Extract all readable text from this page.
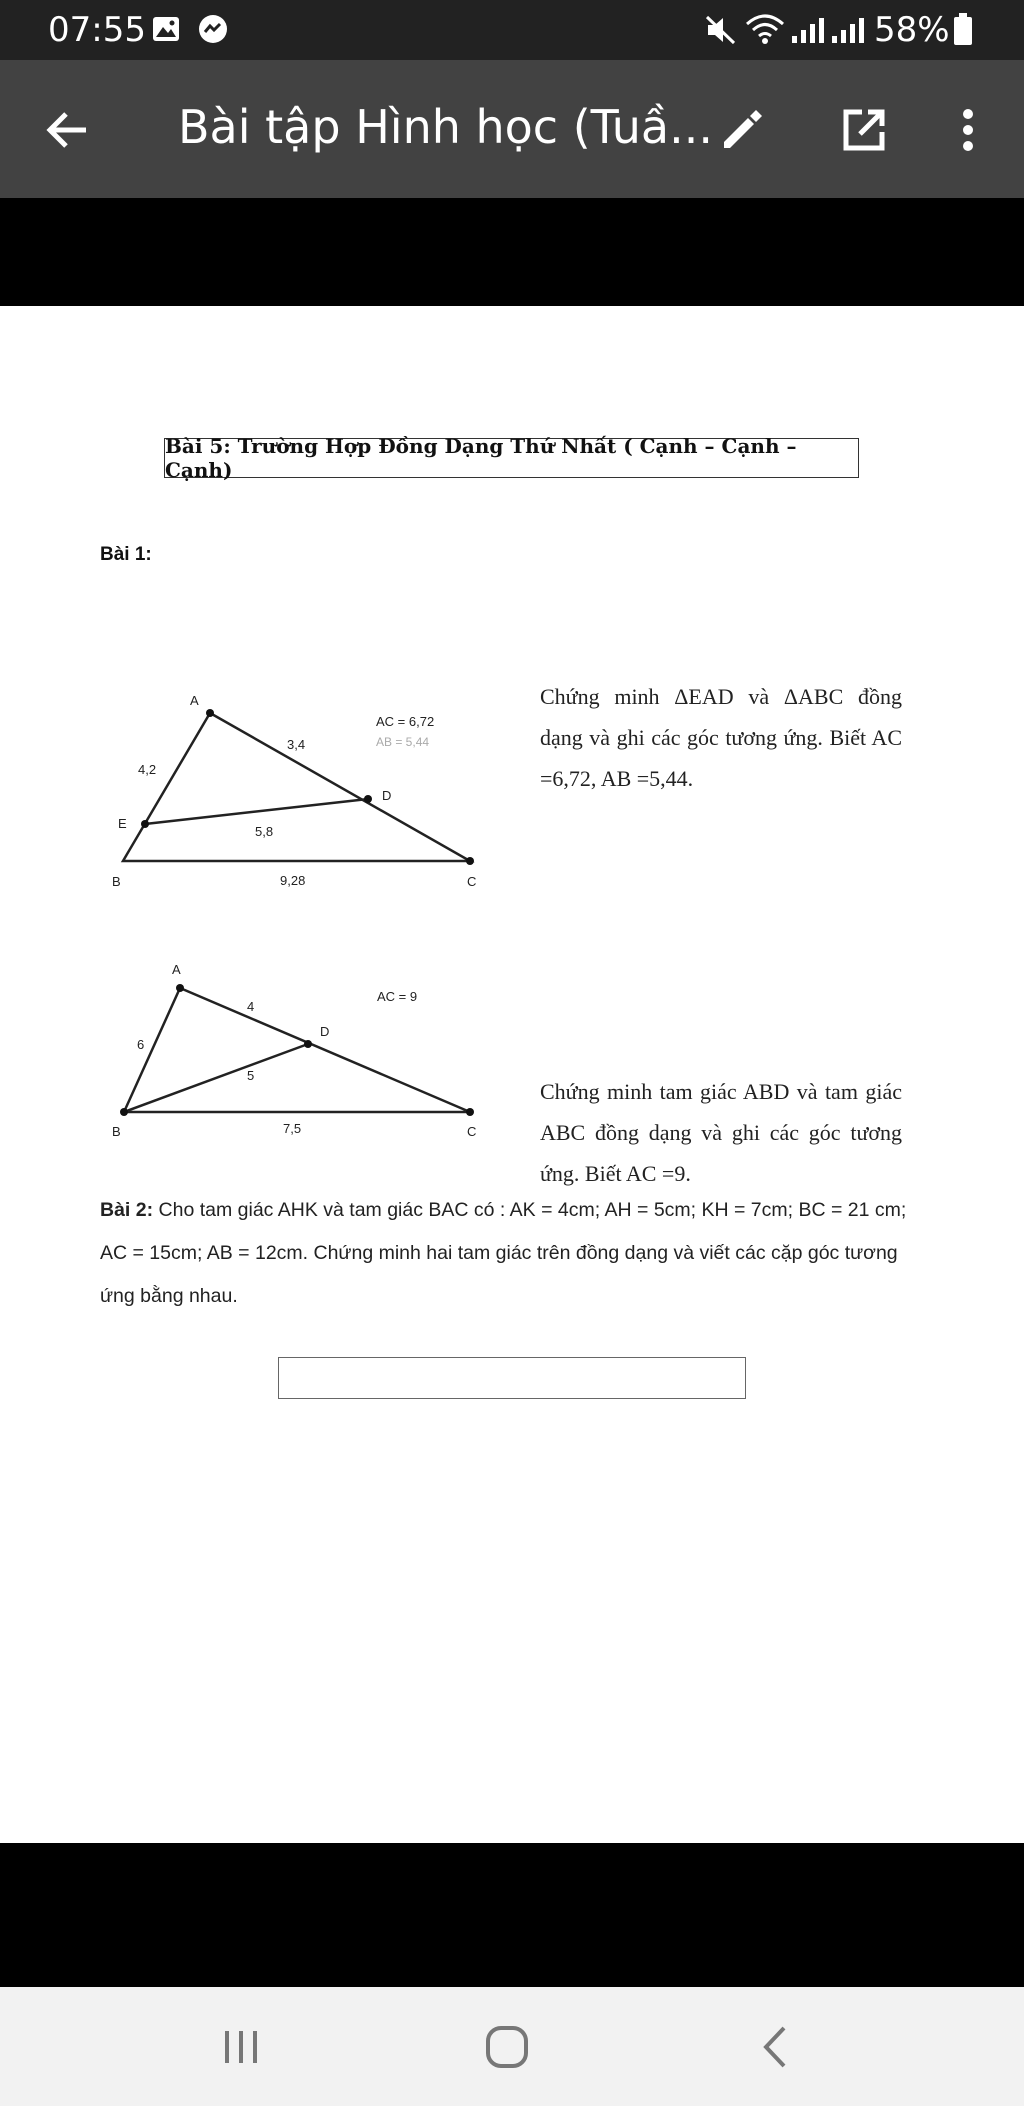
07:55	58%
Bài tập Hình học (Tuầ...
Bài 5: Trường Hợp Đồng Dạng Thứ Nhất ( Cạnh – Cạnh – Cạnh)
Bài 1:
A
E
B	C
D
4,2
3,4
5,8
9,28
AC = 6,72
AB = 5,44
Chứng minh ΔEAD và ΔABC đồng dạng và ghi các góc tương ứng. Biết AC =6,72, AB =5,44.
A
B	C
D
6
4
5
7,5
AC = 9
Chứng minh tam giác ABD và tam giác ABC đồng dạng và ghi các góc tương ứng. Biết AC =9.
Bài 2: Cho tam giác AHK và tam giác BAC có : AK = 4cm; AH = 5cm; KH = 7cm; BC = 21 cm; AC = 15cm; AB = 12cm. Chứng minh hai tam giác trên đồng dạng và viết các cặp góc tương ứng bằng nhau.
